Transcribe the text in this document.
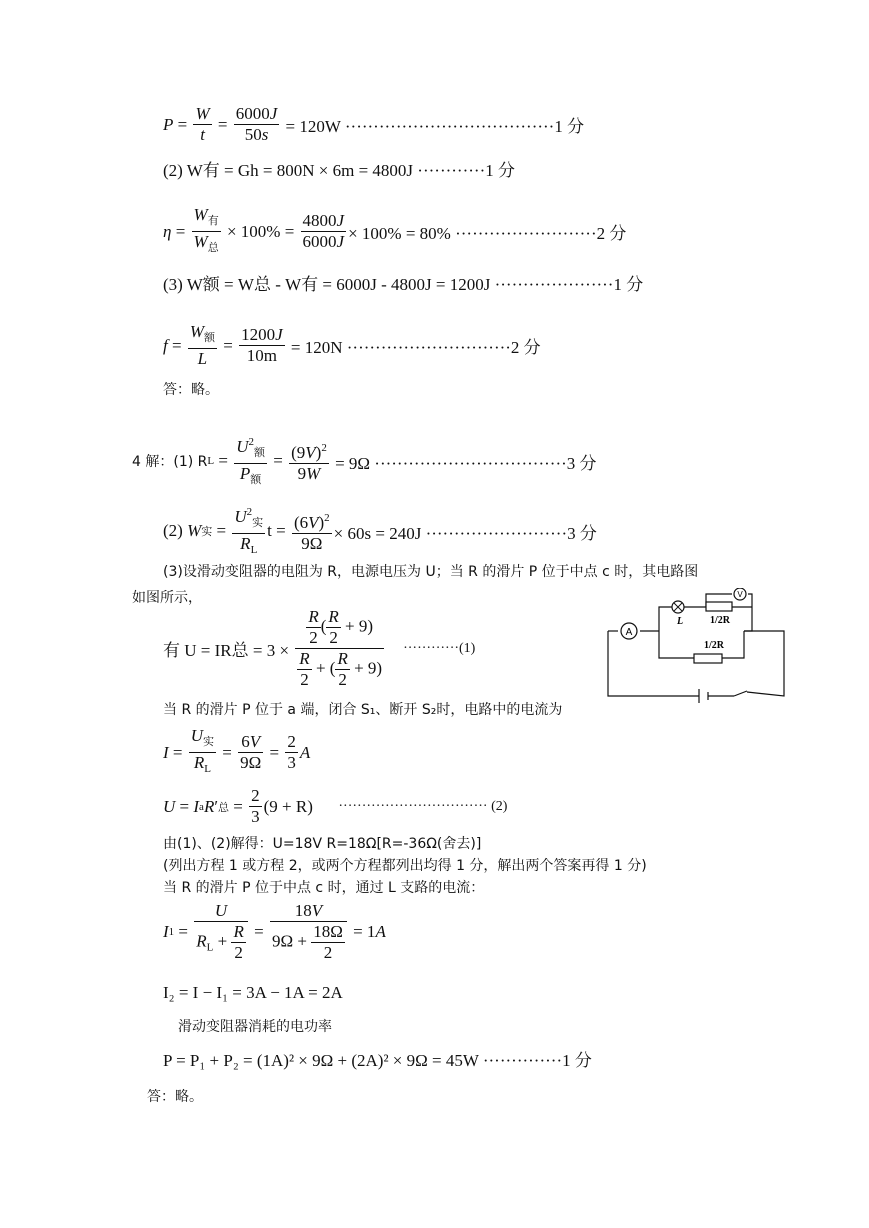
$P = \frac{W}{t} = \frac{6000J}{50s}$
= 120W ·····································1 分
(2) W有 = Gh = 800N × 6m = 4800J ············1 分
$\eta = \frac{W_有}{W_总} \times 100\% = \frac{4800J}{6000J} \times 100\% = 80\% \cdot\cdot\cdot\cdot\cdot\cdot\cdot\cdot\cdot\cdot\cdot\cdot\cdot\cdot\cdot\cdot\cdot\cdot\cdot\cdot\cdot\cdot\cdot\cdot\cdot 2$ 分
(3) W额 = W总 - W有 = 6000J - 4800J = 1200J ·····················1 分
$f = \frac{W_额}{L} = \frac{1200J}{10m}$
= 120N ·····························2 分
答：略。
4 解：(1) R $L = \frac{U^2_额}{P_额} = \frac{(9V)^2}{9W}$
= 9Ω ··································3 分
(2) W 实 = $\frac{U^2_实}{R_L}$ $t = \frac{(6V)^2}{9\Omega} \times 60s = 240J \cdot\cdot\cdot\cdot\cdot\cdot\cdot\cdot\cdot\cdot\cdot\cdot\cdot\cdot\cdot\cdot\cdot\cdot\cdot\cdot\cdot\cdot\cdot\cdot\cdot 3$ 分
(3)设滑动变阻器的电阻为 R，电源电压为 U；当 R 的滑片 P 位于中点 c 时，其电路图
如图所示，
有 U = IR总 = 3 ×
$\frac{\frac{R}{2} ( \frac{R}{2} + 9)}{\frac{R}{2} + ( \frac{R}{2} + 9)}$
············(1)
当 R 的滑片 P 位于 a 端，闭合 S₁、断开 S₂时，电路中的电流为
$I = \frac{U_实}{R_L} = \frac{6V}{9\Omega} = \frac{2}{3}$ A
U = I a R ′ 总 = $\frac{2}{3} (9 + R)$
································ (2)
由(1)、(2)解得：U=18V R=18Ω[R=-36Ω(舍去)]
(列出方程 1 或方程 2，或两个方程都列出均得 1 分，解出两个答案再得 1 分)
当 R 的滑片 P 位于中点 c 时，通过 L 支路的电流：
I $1 = \frac{U}{R_L + \frac{R}{2}} = \frac{18V}{9\Omega + \frac{18\Omega}{2}} = 1$ A
I₂ = I − I₁ = 3A − 1A = 2A
滑动变阻器消耗的电功率
P = P₁ + P₂ = (1A)² × 9Ω + (2A)² × 9Ω = 45W ··············1 分
答：略。
A
L	1/2R
V
1/2R
